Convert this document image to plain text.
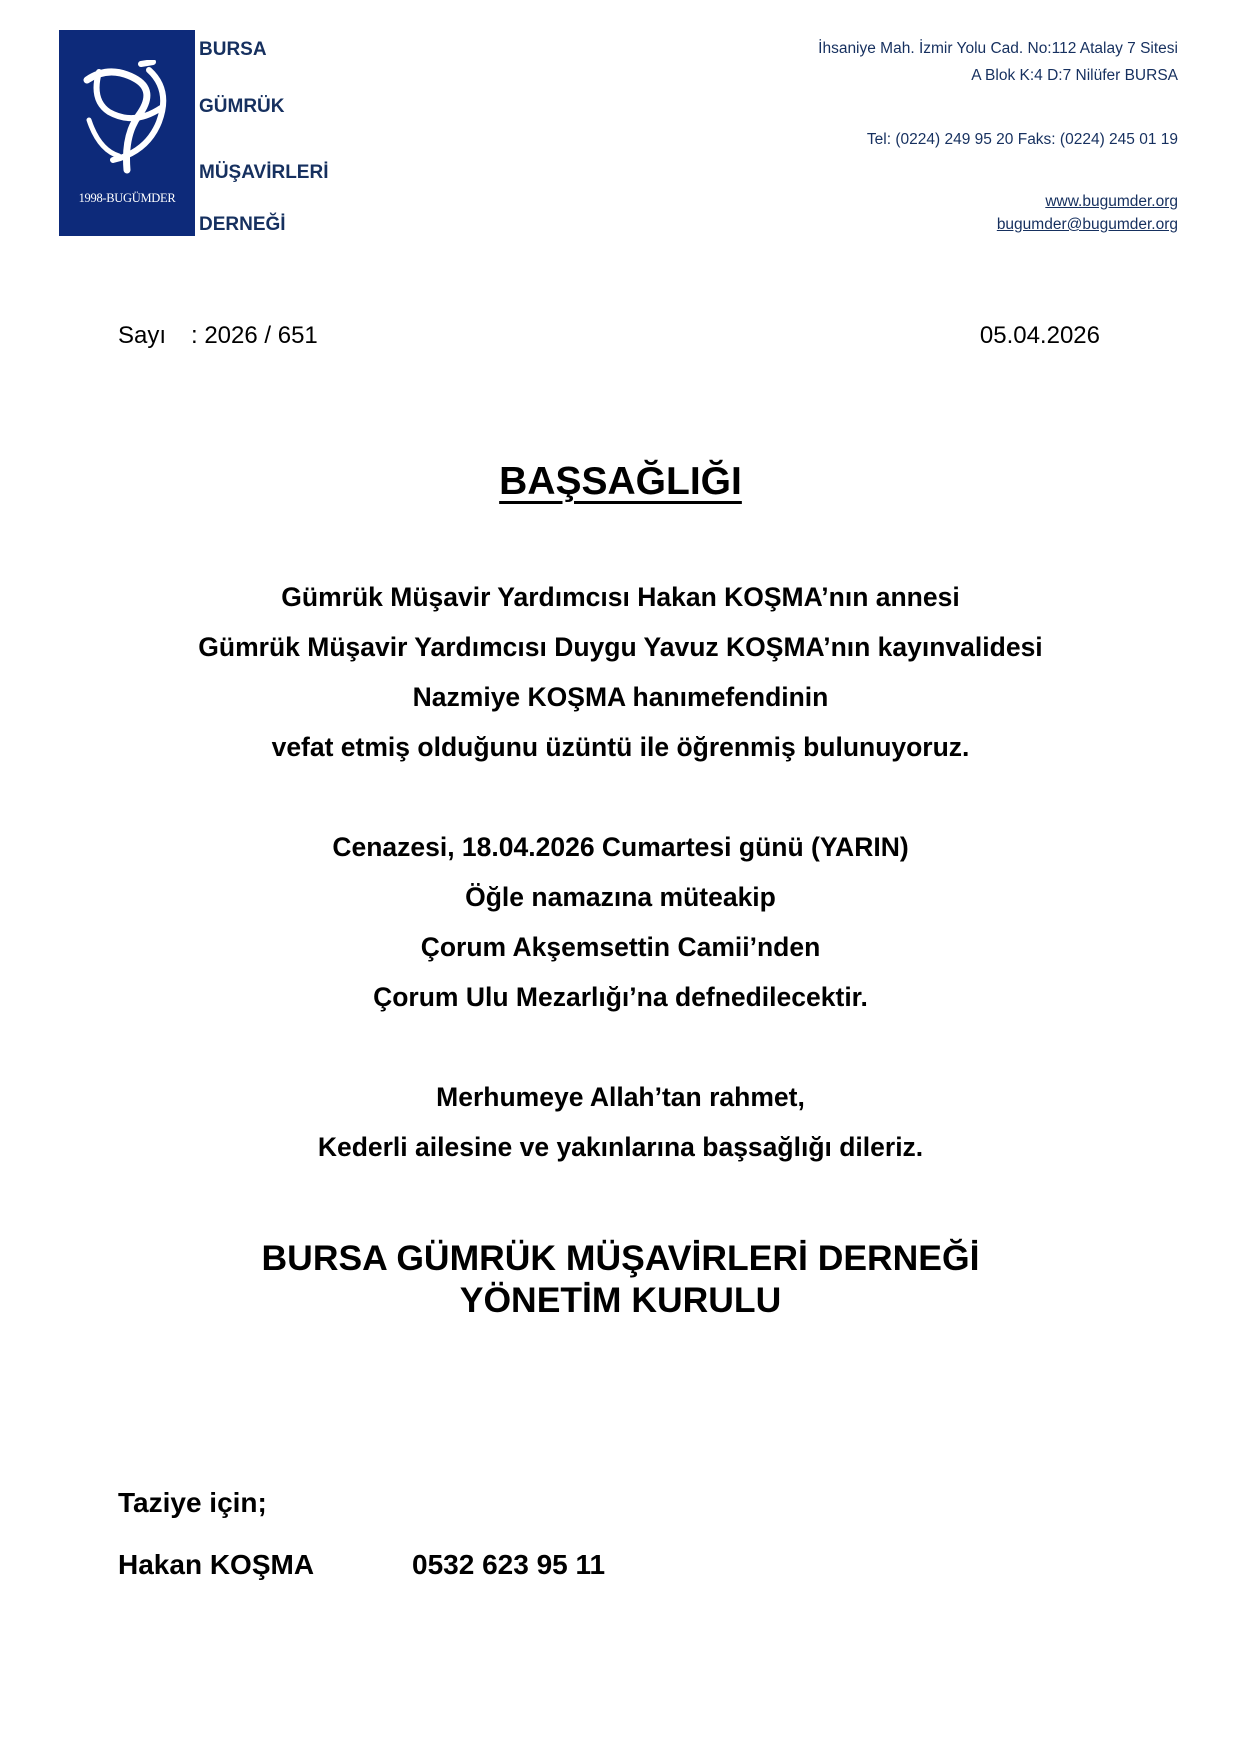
1998-BUGÜMDER
BURSA
GÜMRÜK
MÜŞAVİRLERİ
DERNEĞİ
İhsaniye Mah. İzmir Yolu Cad. No:112 Atalay 7 Sitesi
A Blok K:4 D:7 Nilüfer BURSA
Tel: (0224) 249 95 20 Faks: (0224) 245 01 19
www.bugumder.org
bugumder@bugumder.org
Sayı : 2026 / 651	05.04.2026
BAŞSAĞLIĞI
Gümrük Müşavir Yardımcısı Hakan KOŞMA’nın annesi
Gümrük Müşavir Yardımcısı Duygu Yavuz KOŞMA’nın kayınvalidesi
Nazmiye KOŞMA hanımefendinin
vefat etmiş olduğunu üzüntü ile öğrenmiş bulunuyoruz.
Cenazesi, 18.04.2026 Cumartesi günü (YARIN)
Öğle namazına müteakip
Çorum Akşemsettin Camii’nden
Çorum Ulu Mezarlığı’na defnedilecektir.
Merhumeye Allah’tan rahmet,
Kederli ailesine ve yakınlarına başsağlığı dileriz.
BURSA GÜMRÜK MÜŞAVİRLERİ DERNEĞİ
YÖNETİM KURULU
Taziye için;
Hakan KOŞMA	0532 623 95 11
